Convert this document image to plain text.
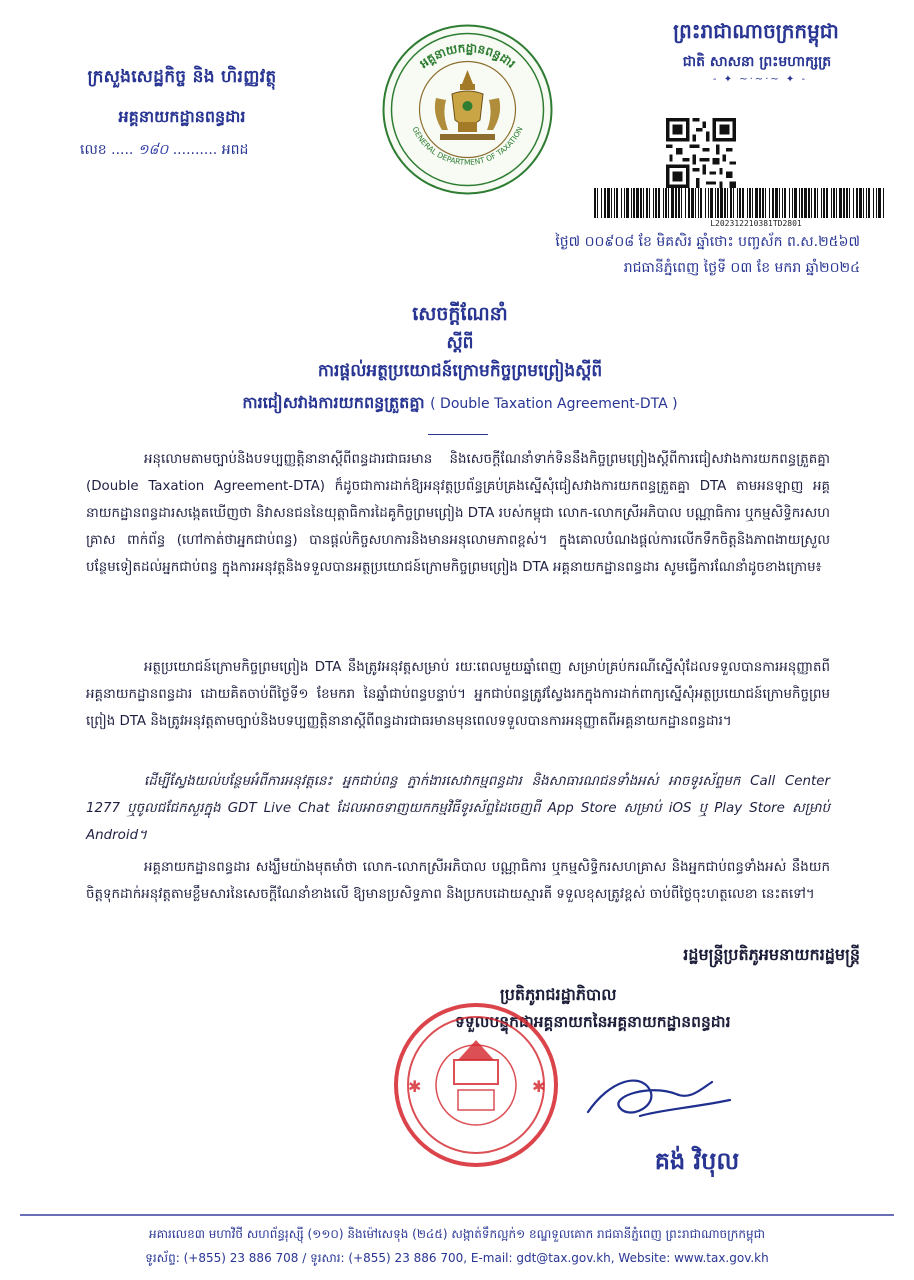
ក្រសួងសេដ្ឋកិច្ច និង ហិរញ្ញវត្ថុ
អគ្គនាយកដ្ឋានពន្ធដារ
លេខ ..... ១៨០ .......... អពដ
អគ្គនាយកដ្ឋានពន្ធដារ
GENERAL DEPARTMENT OF TAXATION
ព្រះរាជាណាចក្រកម្ពុជា
ជាតិ សាសនា ព្រះមហាក្សត្រ
- ✦ ~·~·~ ✦ -
L202312210381TD2801
ថ្ងៃ៧ ០០៩០៨ ខែ មិគសិរ ឆ្នាំថោះ បញ្ចស័ក ព.ស.២៥៦៧
រាជធានីភ្នំពេញ ថ្ងៃទី ០៣ ខែ មករា ឆ្នាំ២០២៤
សេចក្តីណែនាំ
ស្តីពី
ការផ្តល់អត្ថប្រយោជន៍ក្រោមកិច្ចព្រមព្រៀងស្តីពី
ការជៀសវាងការយកពន្ធត្រួតគ្នា ( Double Taxation Agreement-DTA )

អនុលោមតាមច្បាប់និងបទប្បញ្ញត្តិនានាស្តីពីពន្ធដារជាធរមាន និងសេចក្តីណែនាំទាក់ទិននឹងកិច្ចព្រមព្រៀងស្តីពីការជៀសវាងការយកពន្ធត្រួតគ្នា (Double Taxation Agreement-DTA) ក៏ដូចជាការដាក់ឱ្យអនុវត្តប្រព័ន្ធគ្រប់គ្រងស្នើសុំជៀសវាងការយកពន្ធត្រួតគ្នា DTA តាមអនឡាញ អគ្គនាយកដ្ឋានពន្ធដារសង្កេតឃើញថា និវាសនជននៃយុត្តាធិការដៃគូកិច្ចព្រមព្រៀង DTA របស់កម្ពុជា លោក-លោកស្រីអភិបាល បណ្ណាធិការ ឬកម្មសិទ្ធិករសហគ្រាស ពាក់ព័ន្ធ (ហៅកាត់ថាអ្នកជាប់ពន្ធ) បានផ្តល់កិច្ចសហការនិងមានអនុលោមភាពខ្ពស់។ ក្នុងគោលបំណងផ្តល់ការលើកទឹកចិត្តនិងភាពងាយស្រួលបន្ថែមទៀតដល់អ្នកជាប់ពន្ធ ក្នុងការអនុវត្តនិងទទួលបានអត្ថប្រយោជន៍ក្រោមកិច្ចព្រមព្រៀង DTA អគ្គនាយកដ្ឋានពន្ធដារ សូមធ្វើការណែនាំដូចខាងក្រោម៖

អត្ថប្រយោជន៍ក្រោមកិច្ចព្រមព្រៀង DTA នឹងត្រូវអនុវត្តសម្រាប់ រយៈពេលមួយឆ្នាំពេញ សម្រាប់គ្រប់ករណីស្នើសុំដែលទទួលបានការអនុញ្ញាតពីអគ្គនាយកដ្ឋានពន្ធដារ ដោយគិតចាប់ពីថ្ងៃទី១ ខែមករា នៃឆ្នាំជាប់ពន្ធបន្ទាប់។ អ្នកជាប់ពន្ធត្រូវស្វែងរកក្នុងការដាក់ពាក្យស្នើសុំអត្ថប្រយោជន៍ក្រោមកិច្ចព្រមព្រៀង DTA និងត្រូវអនុវត្តតាមច្បាប់និងបទប្បញ្ញត្តិនានាស្តីពីពន្ធដារជាធរមានមុនពេលទទួលបានការអនុញ្ញាតពីអគ្គនាយកដ្ឋានពន្ធដារ។

ដើម្បីស្វែងយល់បន្ថែមអំពីការអនុវត្តនេះ អ្នកជាប់ពន្ធ ភ្នាក់ងារសេវាកម្មពន្ធដារ និងសាធារណជនទាំងអស់ អាចទូរស័ព្ទមក Call Center 1277 ឬចូលជជែកសួរក្នុង GDT Live Chat ដែលអាចទាញយកកម្មវិធីទូរស័ព្ទដៃចេញពី App Store សម្រាប់ iOS ឬ Play Store សម្រាប់ Android។

អគ្គនាយកដ្ឋានពន្ធដារ សង្ឃឹមយ៉ាងមុតមាំថា លោក-លោកស្រីអភិបាល បណ្ណាធិការ ឬកម្មសិទ្ធិករសហគ្រាស និងអ្នកជាប់ពន្ធទាំងអស់ នឹងយកចិត្តទុកដាក់អនុវត្តតាមខ្លឹមសារនៃសេចក្តីណែនាំខាងលើ ឱ្យមានប្រសិទ្ធភាព និងប្រកបដោយស្មារតី ទទួលខុសត្រូវខ្ពស់ ចាប់ពីថ្ងៃចុះហត្ថលេខា នេះតទៅ។

រដ្ឋមន្ត្រីប្រតិភូអមនាយករដ្ឋមន្ត្រី
ប្រតិភូរាជរដ្ឋាភិបាល
ទទួលបន្ទុកជាអគ្គនាយកនៃអគ្គនាយកដ្ឋានពន្ធដារ
✱	✱
គង់ វិបុល
អគារលេខ៣ មហាវិថី សហព័ន្ធរុស្ស៊ី (១១០) និងម៉ៅសេទុង (២៤៥) សង្កាត់ទឹកល្អក់១ ខណ្ឌទួលគោក រាជធានីភ្នំពេញ ព្រះរាជាណាចក្រកម្ពុជា
ទូរស័ព្ទ: (+855) 23 886 708 / ទូរសារ: (+855) 23 886 700, E-mail: gdt@tax.gov.kh, Website: www.tax.gov.kh
